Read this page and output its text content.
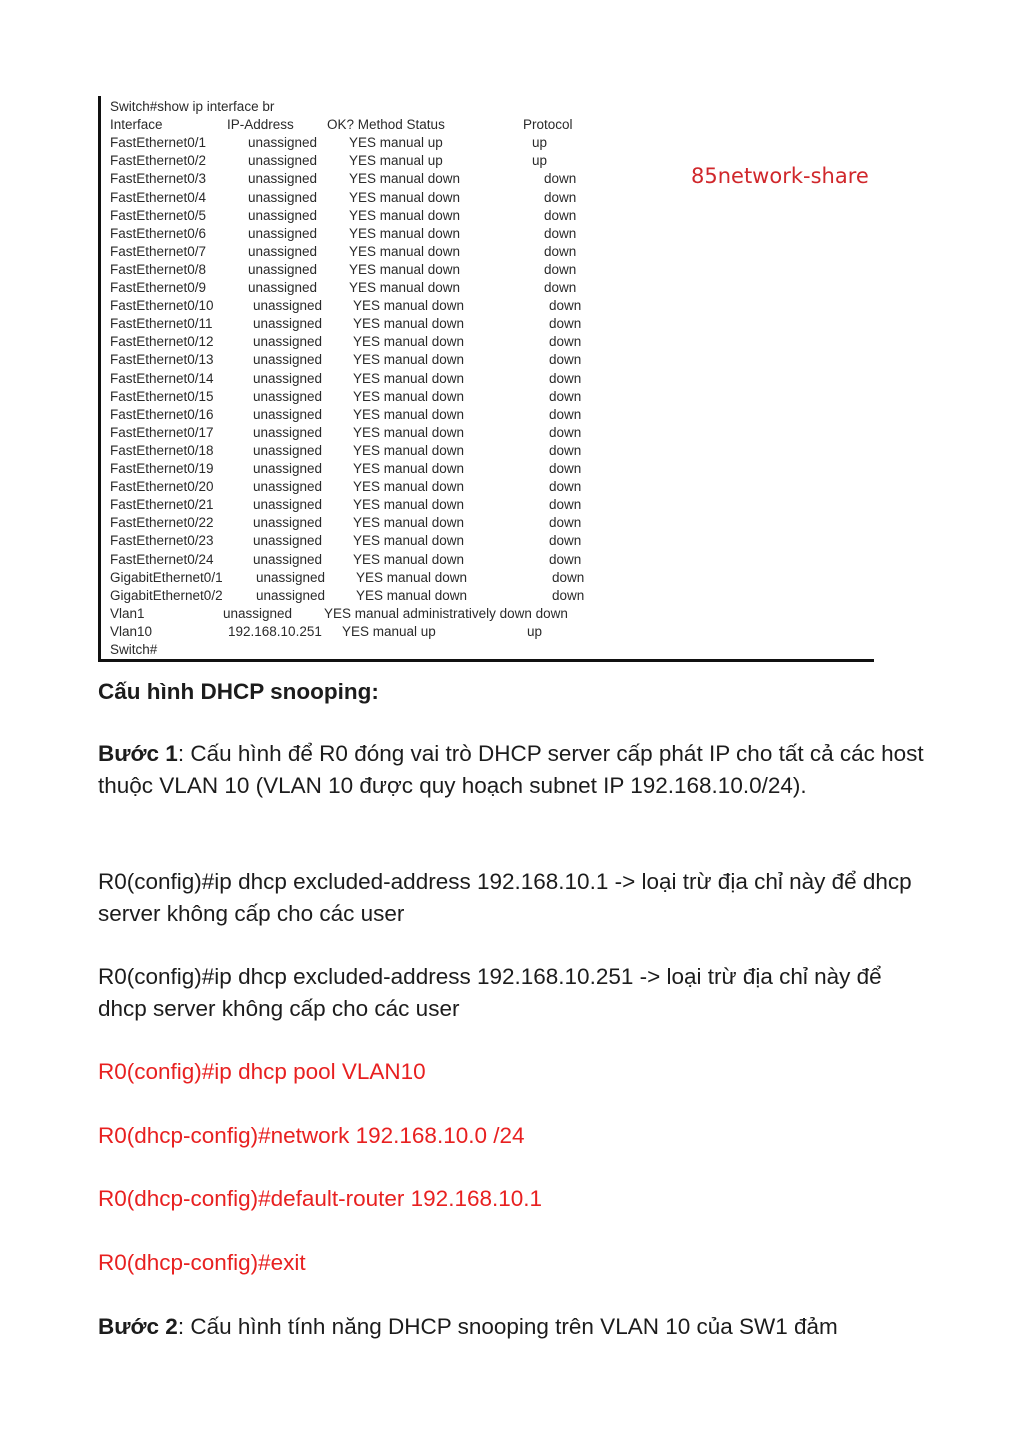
85network-share
Switch#show ip interface br
Interface	IP-Address OK? Method Status	Protocol
FastEthernet0/1	unassigned YES manual up	up
FastEthernet0/2	unassigned YES manual up	up
FastEthernet0/3	unassigned YES manual down	down
FastEthernet0/4	unassigned YES manual down	down
FastEthernet0/5	unassigned YES manual down	down
FastEthernet0/6	unassigned YES manual down	down
FastEthernet0/7	unassigned YES manual down	down
FastEthernet0/8	unassigned YES manual down	down
FastEthernet0/9	unassigned YES manual down	down
FastEthernet0/10	unassigned YES manual down	down
FastEthernet0/11	unassigned YES manual down	down
FastEthernet0/12	unassigned YES manual down	down
FastEthernet0/13	unassigned YES manual down	down
FastEthernet0/14	unassigned YES manual down	down
FastEthernet0/15	unassigned YES manual down	down
FastEthernet0/16	unassigned YES manual down	down
FastEthernet0/17	unassigned YES manual down	down
FastEthernet0/18	unassigned YES manual down	down
FastEthernet0/19	unassigned YES manual down	down
FastEthernet0/20	unassigned YES manual down	down
FastEthernet0/21	unassigned YES manual down	down
FastEthernet0/22	unassigned YES manual down	down
FastEthernet0/23	unassigned YES manual down	down
FastEthernet0/24	unassigned YES manual down	down
GigabitEthernet0/1 unassigned YES manual down	down
GigabitEthernet0/2 unassigned YES manual down	down
Vlan1	unassigned YES manual administratively down down
Vlan10	192.168.10.251 YES manual up	up
Switch#
Cấu hình DHCP snooping:
Bước 1: Cấu hình để R0 đóng vai trò DHCP server cấp phát IP cho tất cả các host thuộc VLAN 10 (VLAN 10 được quy hoạch subnet IP 192.168.10.0/24).
R0(config)#ip dhcp excluded-address 192.168.10.1 -> loại trừ địa chỉ này để dhcp server không cấp cho các user
R0(config)#ip dhcp excluded-address 192.168.10.251 -> loại trừ địa chỉ này để dhcp server không cấp cho các user
R0(config)#ip dhcp pool VLAN10
R0(dhcp-config)#network 192.168.10.0 /24
R0(dhcp-config)#default-router 192.168.10.1
R0(dhcp-config)#exit
Bước 2: Cấu hình tính năng DHCP snooping trên VLAN 10 của SW1 đảm
